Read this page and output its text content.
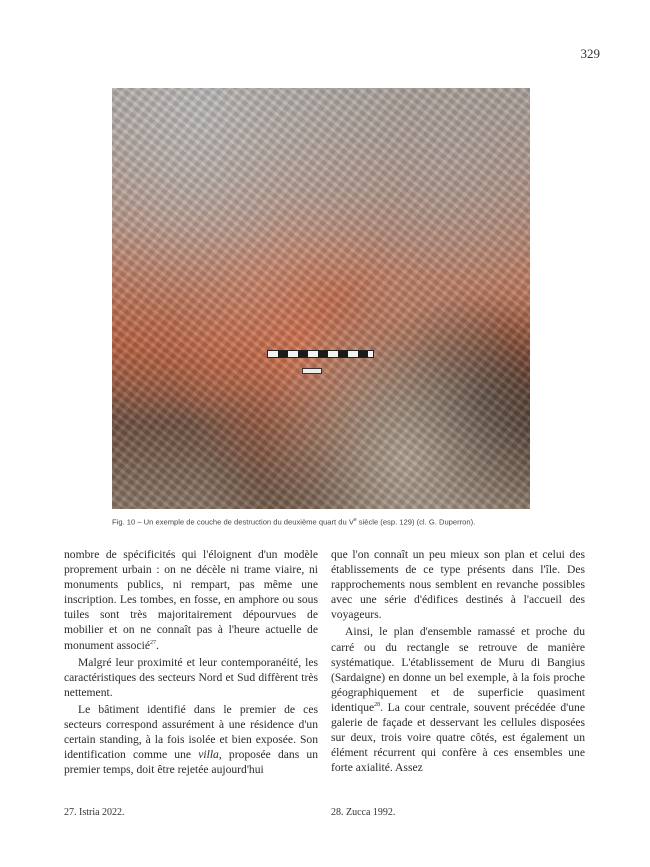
329
Fig. 10 – Un exemple de couche de destruction du deuxième quart du Ve siècle (esp. 129) (cl. G. Duperron).

nombre de spécificités qui l'éloignent d'un modèle proprement urbain : on ne décèle ni trame viaire, ni monuments publics, ni rempart, pas même une inscription. Les tombes, en fosse, en amphore ou sous tuiles sont très majoritairement dépourvues de mobilier et on ne connaît pas à l'heure actuelle de monument associé$^{27}$.

Malgré leur proximité et leur contemporanéité, les caractéristiques des secteurs Nord et Sud diffèrent très nettement.

Le bâtiment identifié dans le premier de ces secteurs correspond assurément à une résidence d'un certain standing, à la fois isolée et bien exposée. Son identification comme une villa, proposée dans un premier temps, doit être rejetée aujourd'hui

que l'on connaît un peu mieux son plan et celui des établissements de ce type présents dans l'île. Des rapprochements nous semblent en revanche possibles avec une série d'édifices destinés à l'accueil des voyageurs.

Ainsi, le plan d'ensemble ramassé et proche du carré ou du rectangle se retrouve de manière systématique. L'établissement de Muru di Bangius (Sardaigne) en donne un bel exemple, à la fois proche géographiquement et de superficie quasiment identique$^{28}$. La cour centrale, souvent précédée d'une galerie de façade et desservant les cellules disposées sur deux, trois voire quatre côtés, est également un élément récurrent qui confère à ces ensembles une forte axialité. Assez

27. Istria 2022.	28. Zucca 1992.
